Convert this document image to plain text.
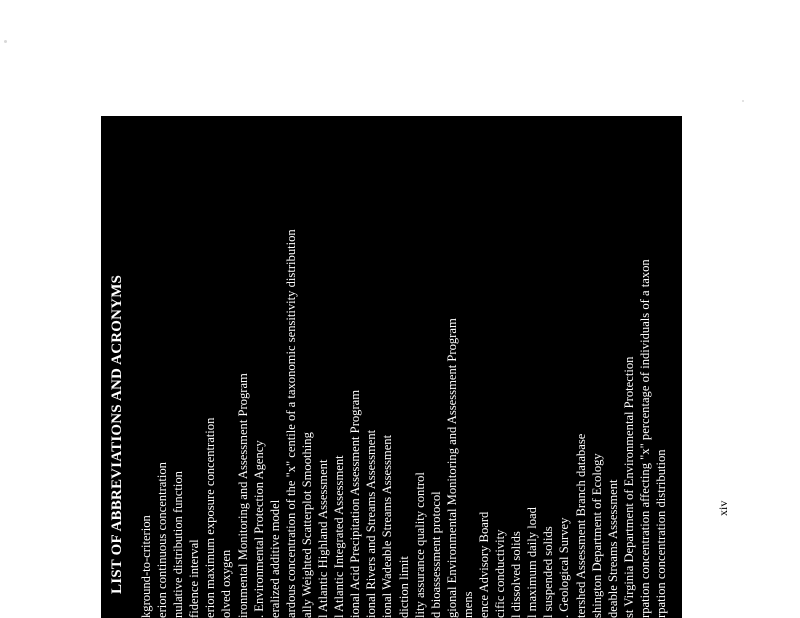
LIST OF ABBREVIATIONS AND ACRONYMS kground-to-criterion erion continuous concentration nulative distribution function fidence interval erion maximum exposure concentration olved oxygen ironmental Monitoring and Assessment Program . Environmental Protection Agency eralized additive model ardous concentration of the "x" centile of a taxonomic sensitivity distribution ally Weighted Scatterplot Smoothing l Atlantic Highland Assessment l Atlantic Integrated Assessment ional Acid Precipitation Assessment Program ional Rivers and Streams Assessment ional Wadeable Streams Assessment diction limit lity assurance quality control d bioassessment protocol gional Environmental Monitoring and Assessment Program mens ence Advisory Board cific conductivity l dissolved solids l maximum daily load l suspended solids . Geological Survey tershed Assessment Branch database shington Department of Ecology deable Streams Assessment st Virginia Department of Environmental Protection rpation concentration affecting "x" percentage of individuals of a taxon rpation concentration distribution	xiv
